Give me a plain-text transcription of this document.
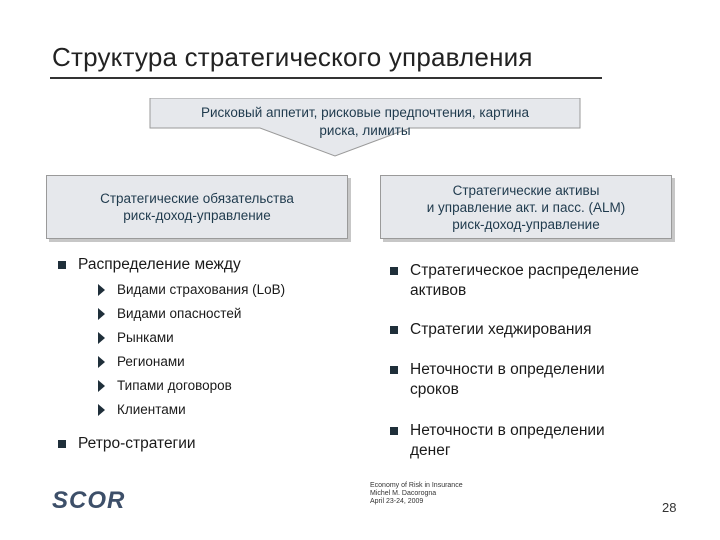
Структура стратегического управления
Рисковый аппетит, рисковые предпочтения, картина
риска, лимиты
Стратегические обязательства
риск-доход-управление
Стратегические активы
и управление акт. и пасс. (ALM)
риск-доход-управление
Распределение между
Видами страхования (LoB)
Видами опасностей
Рынками
Регионами
Типами договоров
Клиентами
Ретро-стратегии
Стратегическое распределение
активов
Стратегии хеджирования
Неточности в определении
сроков
Неточности в определении
денег
SCOR
Economy of Risk in Insurance
Michel M. Dacorogna
April 23-24, 2009	28
